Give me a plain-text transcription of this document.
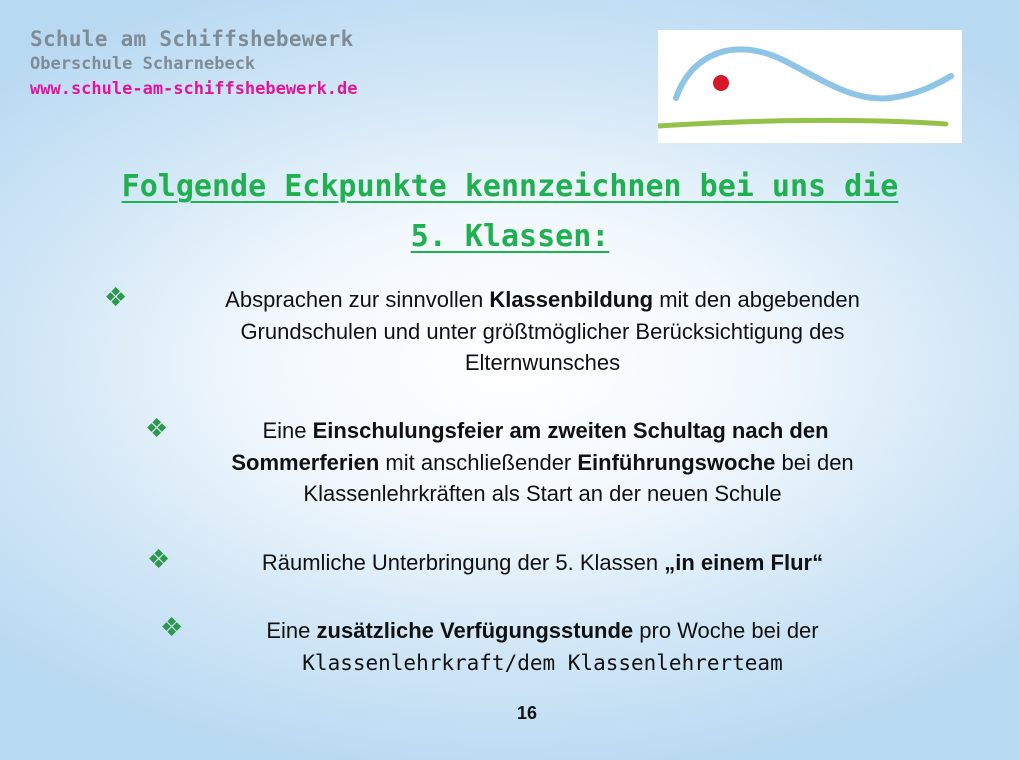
Schule am Schiffshebewerk
Oberschule Scharnebeck
www.schule-am-schiffshebewerk.de
Folgende Eckpunkte kennzeichnen bei uns die
5. Klassen:
❖	Absprachen zur sinnvollen Klassenbildung mit den abgebenden
Grundschulen und unter größtmöglicher Berücksichtigung des
Elternwunsches
❖	Eine Einschulungsfeier am zweiten Schultag nach den
Sommerferien mit anschließender Einführungswoche bei den
Klassenlehrkräften als Start an der neuen Schule
❖	Räumliche Unterbringung der 5. Klassen „in einem Flur“
❖	Eine zusätzliche Verfügungsstunde pro Woche bei der
Klassenlehrkraft/dem Klassenlehrerteam
16
